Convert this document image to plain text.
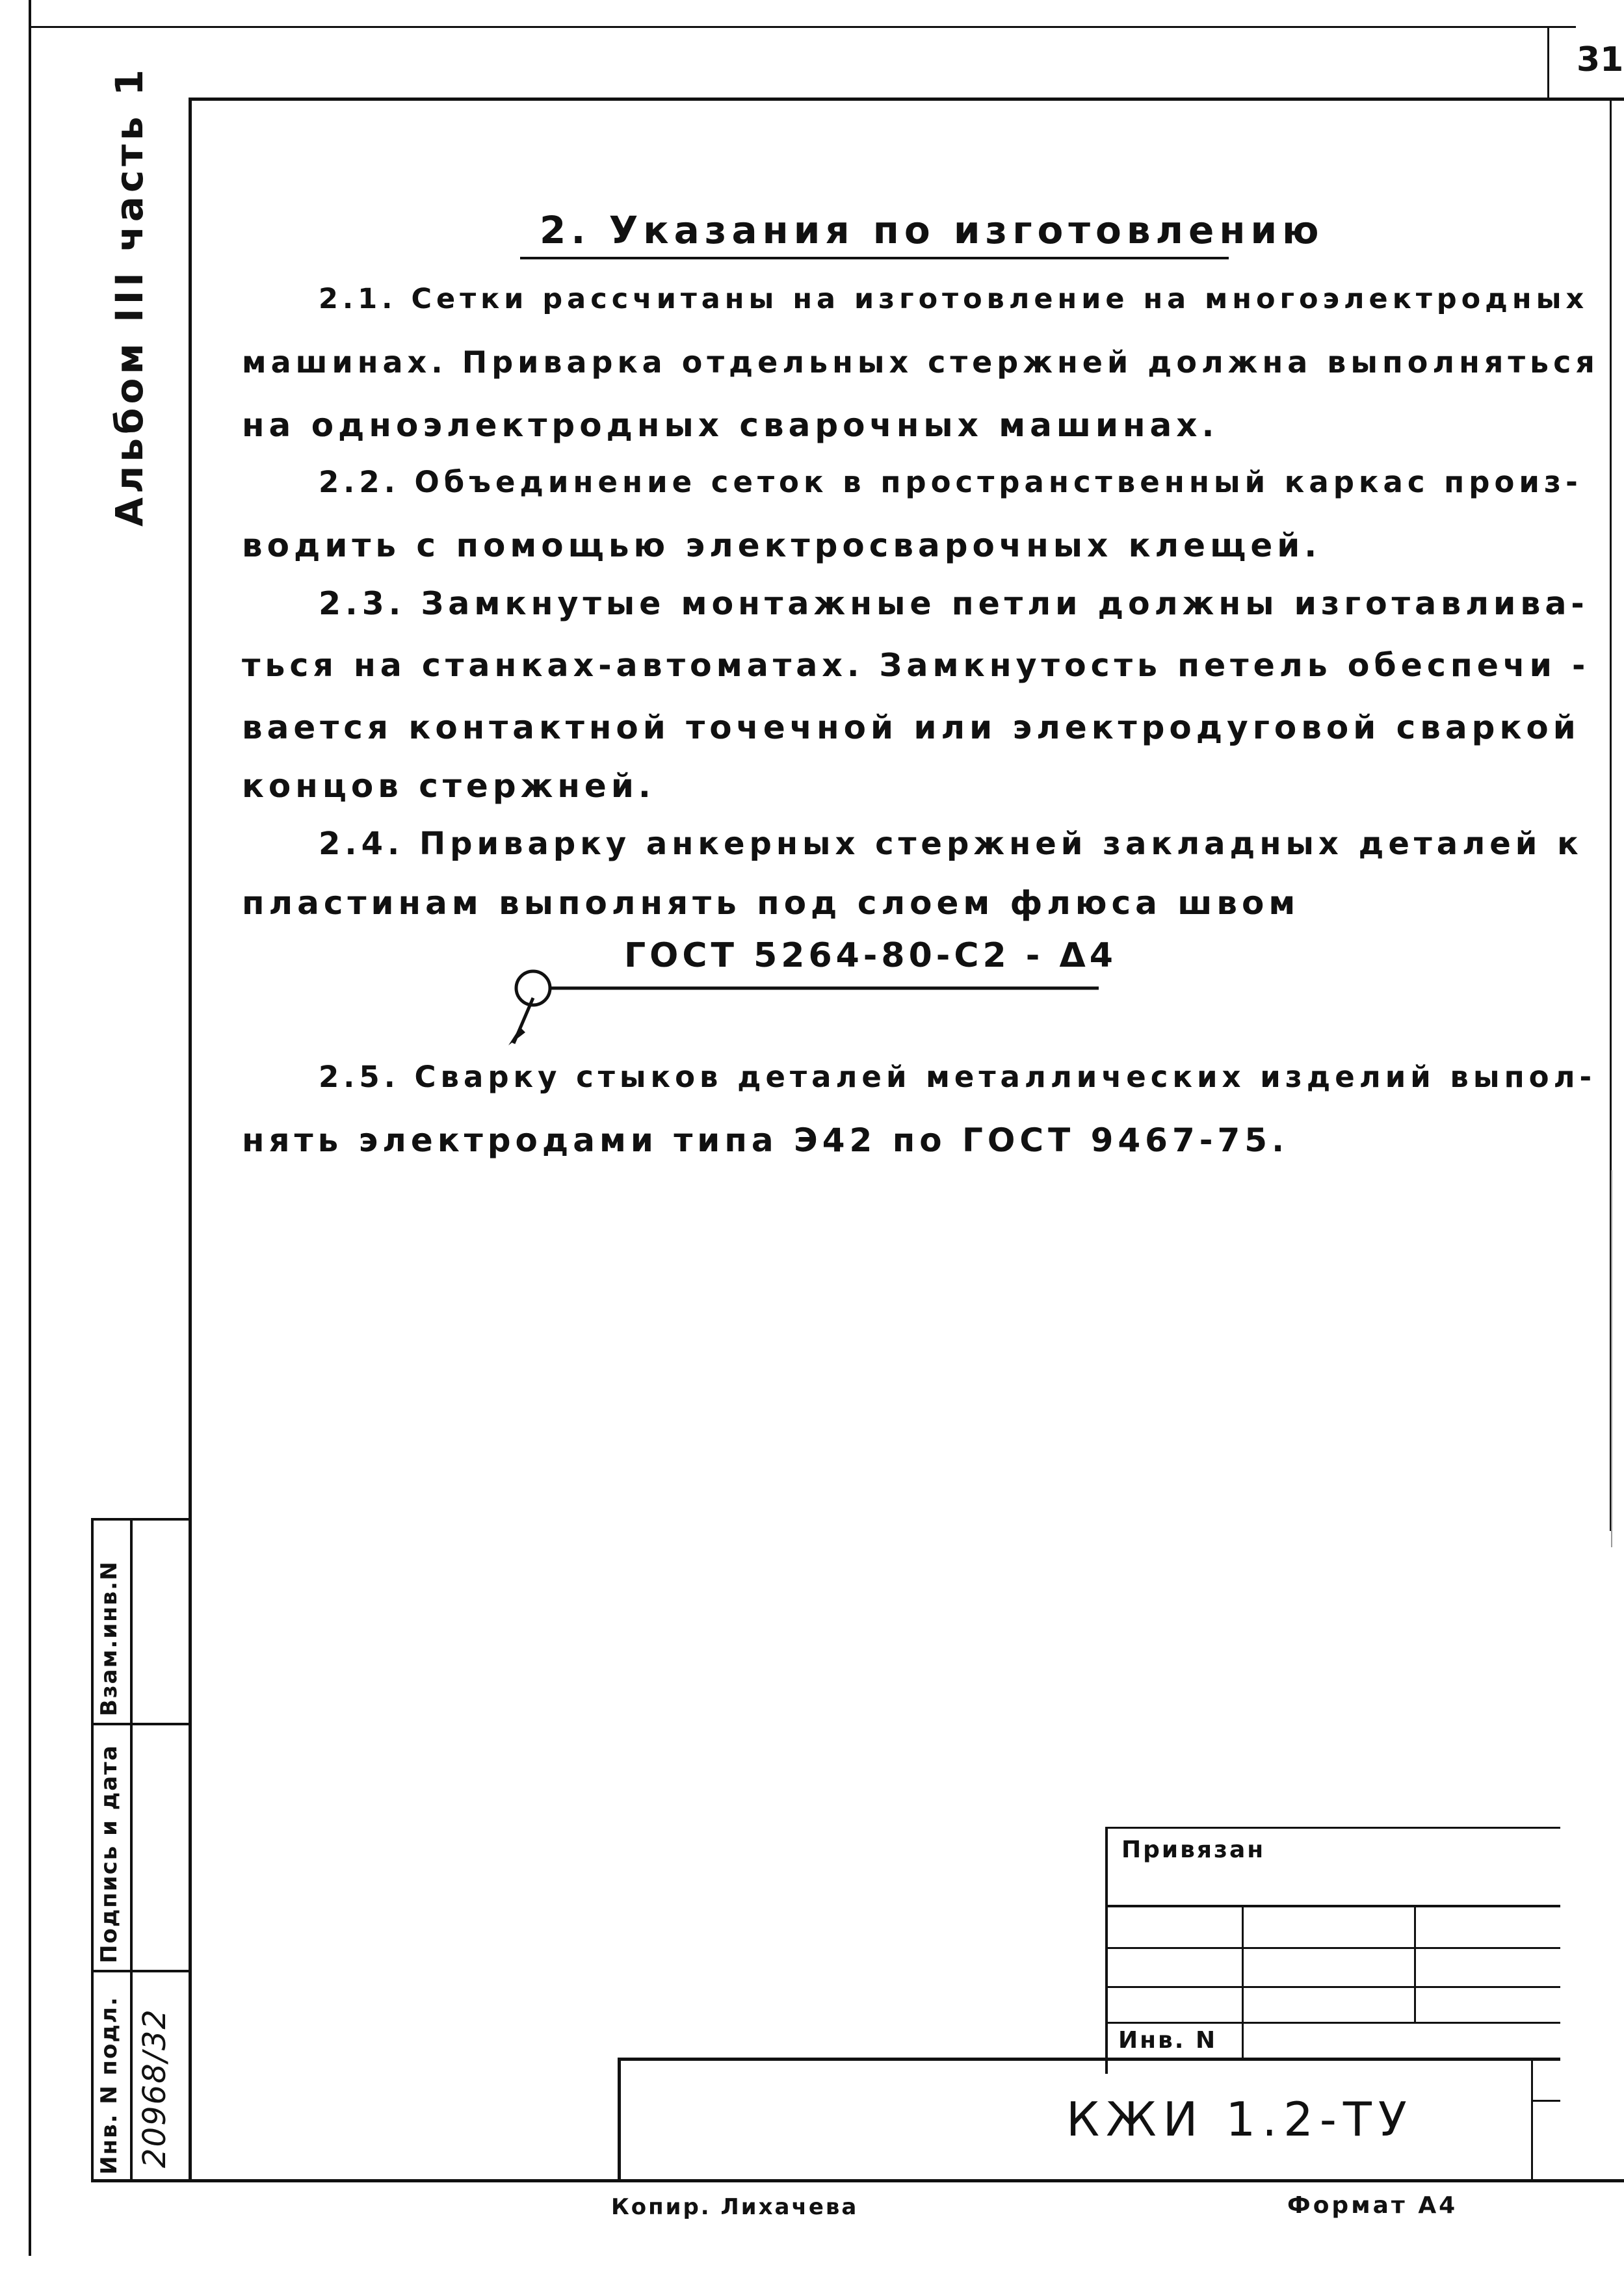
31
Альбом III часть 1	2. Указания по изготовлению
2.1. Сетки рассчитаны на изготовление на многоэлектродных
машинах. Приварка отдельных стержней должна выполняться
на одноэлектродных сварочных машинах.
2.2. Объединение сеток в пространственный каркас произ-
водить с помощью электросварочных клещей.
2.3. Замкнутые монтажные петли должны изготавлива-
ться на станках-автоматах. Замкнутость петель обеспечи -
вается контактной точечной или электродуговой сваркой
концов стержней.
2.4. Приварку анкерных стержней закладных деталей к
пластинам выполнять под слоем флюса швом
ГОСТ 5264-80-С2 - Δ4
2.5. Сварку стыков деталей металлических изделий выпол-
нять электродами типа Э42 по ГОСТ 9467-75.
Взам.инв.N
Подпись и дата
Инв. N подл. 20968/32
Привязан
Инв. N
КЖИ 1.2-ТУ
Копир. Лихачева	Формат А4
